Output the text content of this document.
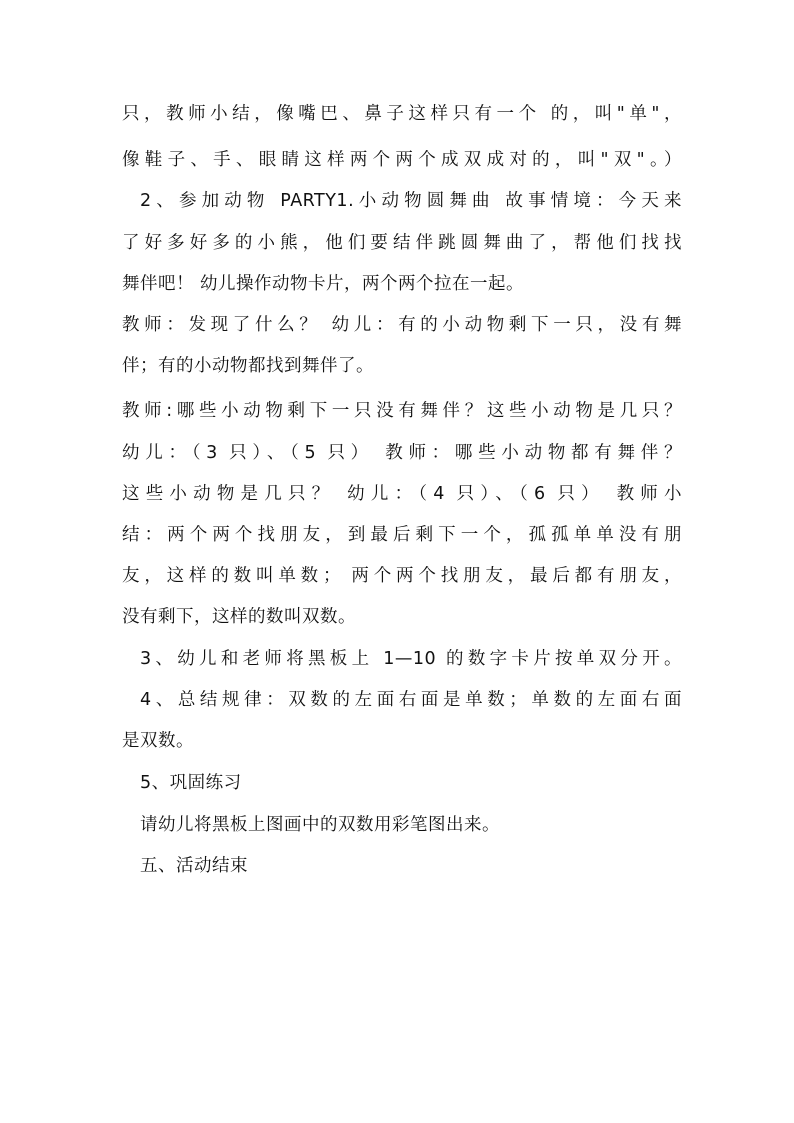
只，教师小结，像嘴巴、鼻子这样只有一个 的，叫"单"，
像鞋子、手、眼睛这样两个两个成双成对的，叫"双"。）
2、参加动物 PARTY1.小动物圆舞曲 故事情境：今天来
了好多好多的小熊，他们要结伴跳圆舞曲了，帮他们找找
舞伴吧！ 幼儿操作动物卡片，两个两个拉在一起。
教师：发现了什么？ 幼儿：有的小动物剩下一只，没有舞
伴；有的小动物都找到舞伴了。
教师:哪些小动物剩下一只没有舞伴？这些小动物是几只？
幼儿：（3 只）、（5 只） 教师：哪些小动物都有舞伴？
这些小动物是几只？ 幼儿：（4 只）、（6 只） 教师小
结：两个两个找朋友，到最后剩下一个，孤孤单单没有朋
友，这样的数叫单数； 两个两个找朋友，最后都有朋友，
没有剩下，这样的数叫双数。
3、幼儿和老师将黑板上 1—10 的数字卡片按单双分开。
4、总结规律：双数的左面右面是单数；单数的左面右面
是双数。
5、巩固练习
请幼儿将黑板上图画中的双数用彩笔图出来。
五、活动结束
